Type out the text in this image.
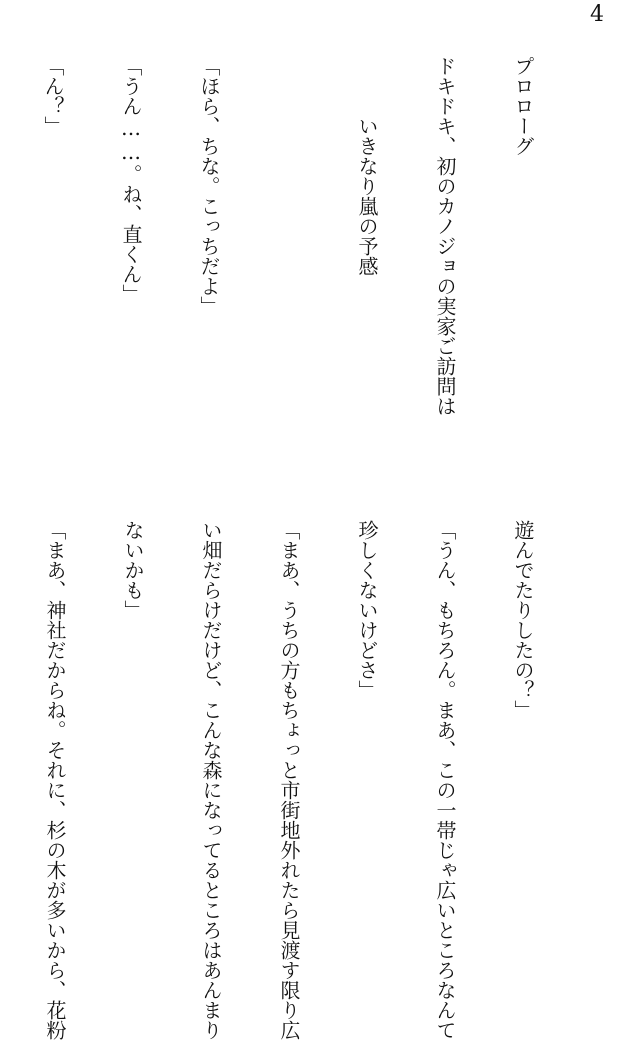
4

プロローグ

ドキドキ、初のカノジョの実家ご訪問は

いきなり嵐の予感

「ほら、ちな。こっちだよ」

「うん……。ね、直くん」

「ん？」

遊んでたりしたの？」

「うん、もちろん。まあ、この一帯じゃ広いところなんて

珍しくないけどさ」

「まあ、うちの方もちょっと市街地外れたら見渡す限り広

い畑だらけだけど、こんな森になってるところはあんまり

ないかも」

「まあ、神社だからね。それに、杉の木が多いから、花粉
